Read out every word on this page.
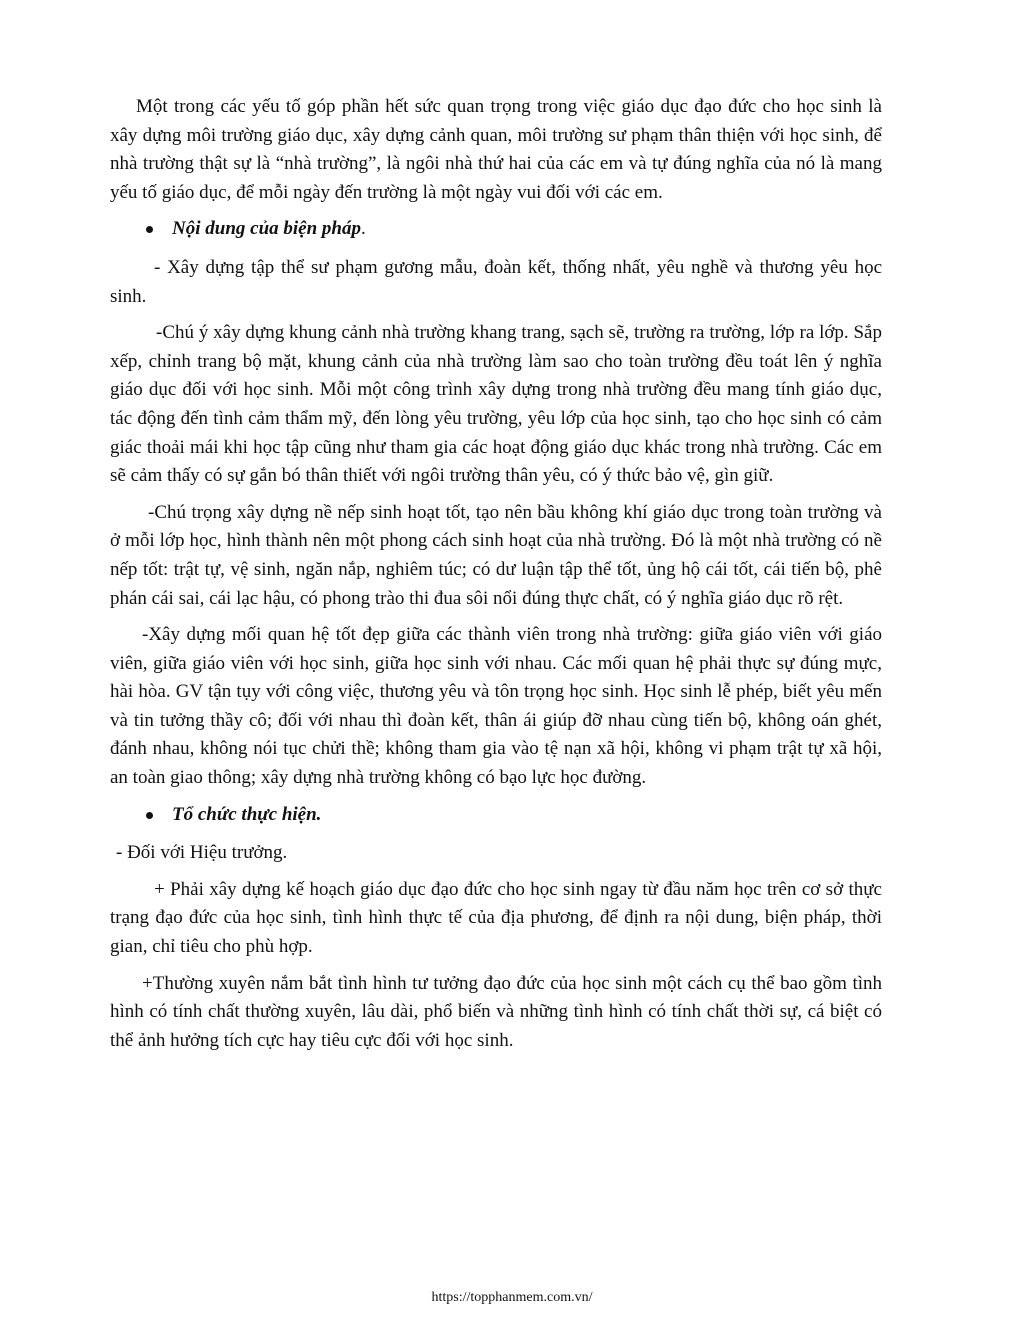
Một trong các yếu tố góp phần hết sức quan trọng trong việc giáo dục đạo đức cho học sinh là xây dựng môi trường giáo dục, xây dựng cảnh quan, môi trường sư phạm thân thiện với học sinh, để nhà trường thật sự là “nhà trường”, là ngôi nhà thứ hai của các em và tự đúng nghĩa của nó là mang yếu tố giáo dục, để mỗi ngày đến trường là một ngày vui đối với các em.

Nội dung của biện pháp.

- Xây dựng tập thể sư phạm gương mẫu, đoàn kết, thống nhất, yêu nghề và thương yêu học sinh.

-Chú ý xây dựng khung cảnh nhà trường khang trang, sạch sẽ, trường ra trường, lớp ra lớp. Sắp xếp, chỉnh trang bộ mặt, khung cảnh của nhà trường làm sao cho toàn trường đều toát lên ý nghĩa giáo dục đối với học sinh. Mỗi một công trình xây dựng trong nhà trường đều mang tính giáo dục, tác động đến tình cảm thẩm mỹ, đến lòng yêu trường, yêu lớp của học sinh, tạo cho học sinh có cảm giác thoải mái khi học tập cũng như tham gia các hoạt động giáo dục khác trong nhà trường. Các em sẽ cảm thấy có sự gắn bó thân thiết với ngôi trường thân yêu, có ý thức bảo vệ, gìn giữ.

-Chú trọng xây dựng nề nếp sinh hoạt tốt, tạo nên bầu không khí giáo dục trong toàn trường và ở mỗi lớp học, hình thành nên một phong cách sinh hoạt của nhà trường. Đó là một nhà trường có nề nếp tốt: trật tự, vệ sinh, ngăn nắp, nghiêm túc; có dư luận tập thể tốt, ủng hộ cái tốt, cái tiến bộ, phê phán cái sai, cái lạc hậu, có phong trào thi đua sôi nổi đúng thực chất, có ý nghĩa giáo dục rõ rệt.

-Xây dựng mối quan hệ tốt đẹp giữa các thành viên trong nhà trường: giữa giáo viên với giáo viên, giữa giáo viên với học sinh, giữa học sinh với nhau. Các mối quan hệ phải thực sự đúng mực, hài hòa. GV tận tụy với công việc, thương yêu và tôn trọng học sinh. Học sinh lễ phép, biết yêu mến và tin tưởng thầy cô; đối với nhau thì đoàn kết, thân ái giúp đỡ nhau cùng tiến bộ, không oán ghét, đánh nhau, không nói tục chửi thề; không tham gia vào tệ nạn xã hội, không vi phạm trật tự xã hội, an toàn giao thông; xây dựng nhà trường không có bạo lực học đường.

Tổ chức thực hiện.

- Đối với Hiệu trưởng.

+ Phải xây dựng kế hoạch giáo dục đạo đức cho học sinh ngay từ đầu năm học trên cơ sở thực trạng đạo đức của học sinh, tình hình thực tế của địa phương, để định ra nội dung, biện pháp, thời gian, chỉ tiêu cho phù hợp.

+Thường xuyên nắm bắt tình hình tư tưởng đạo đức của học sinh một cách cụ thể bao gồm tình hình có tính chất thường xuyên, lâu dài, phổ biến và những tình hình có tính chất thời sự, cá biệt có thể ảnh hưởng tích cực hay tiêu cực đối với học sinh.

https://topphanmem.com.vn/
